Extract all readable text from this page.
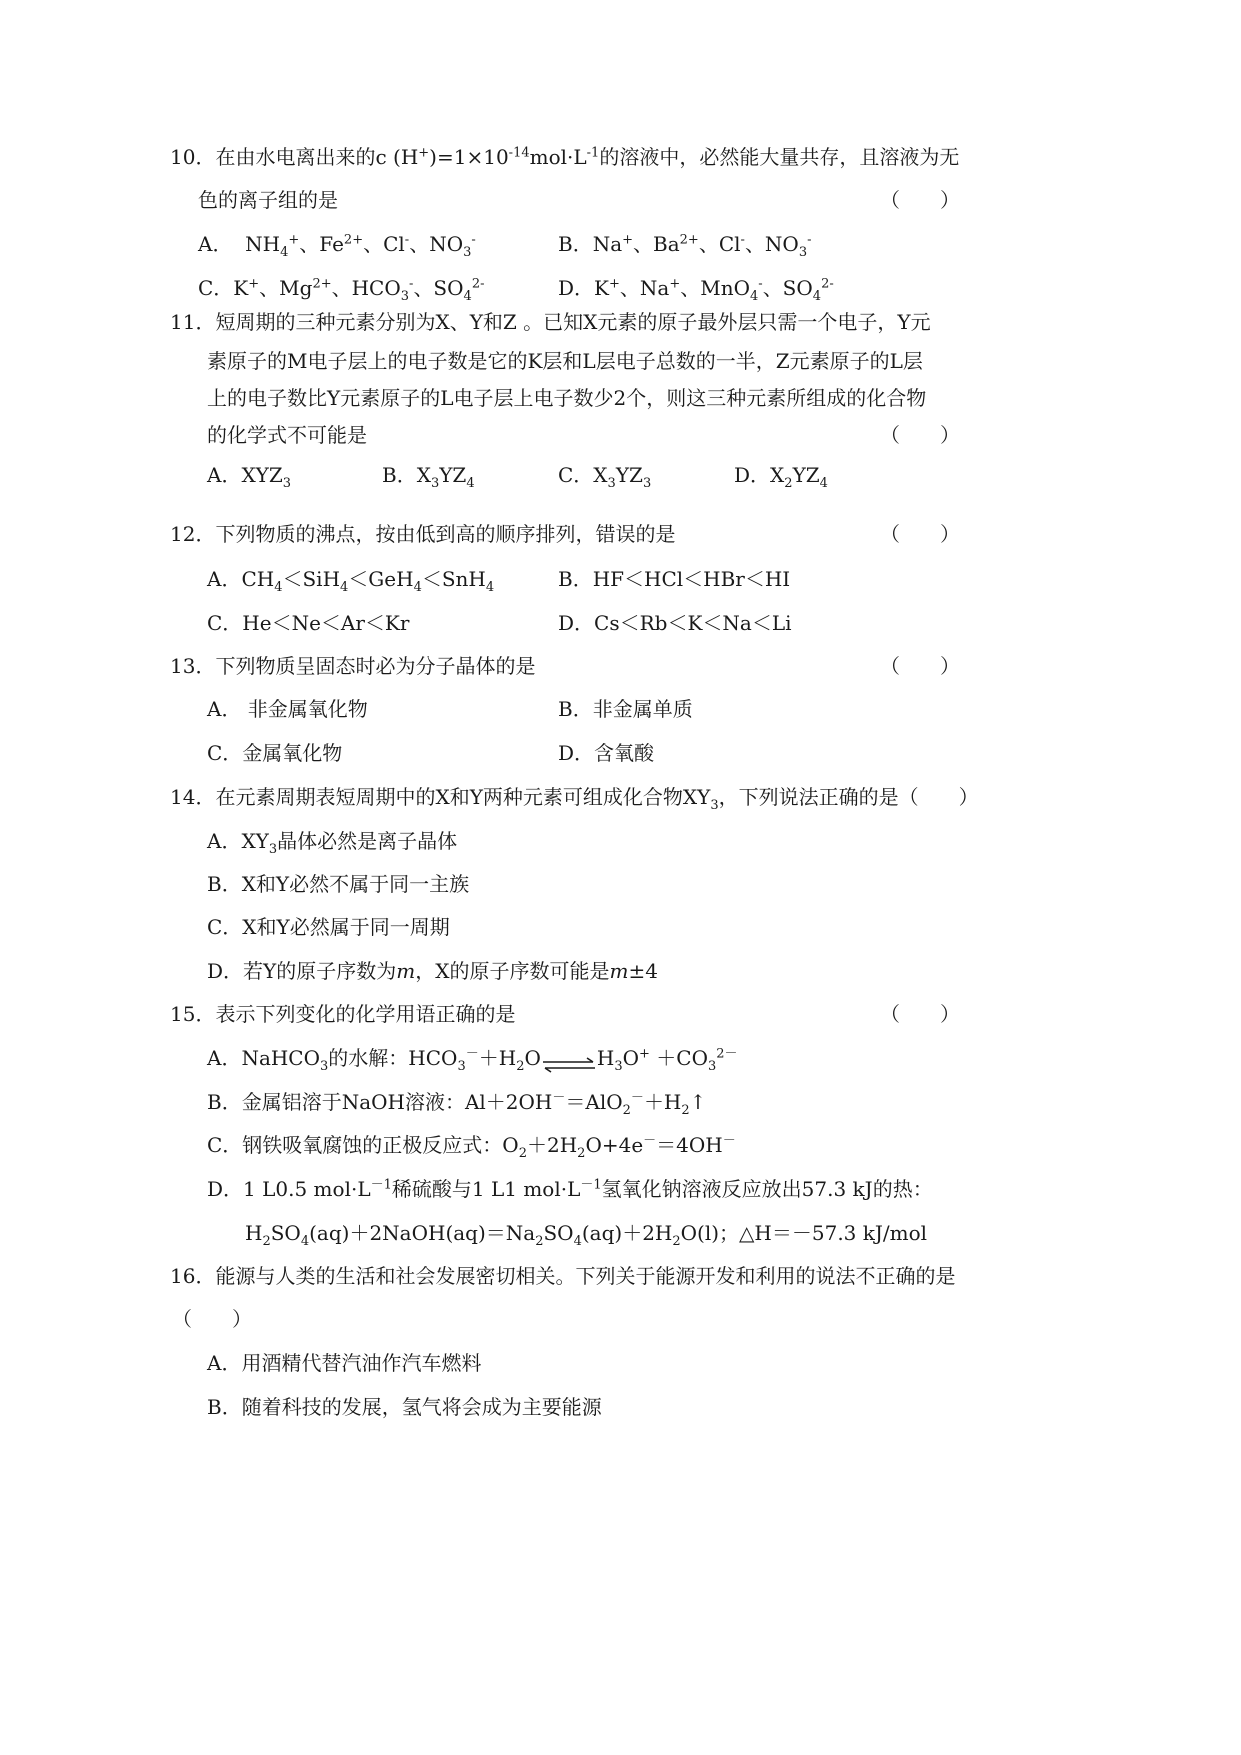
10．在由水电离出来的c $(H^+)=1\times 10^{-14}mol\cdot L^{-1}$的溶液中，必然能大量共存，且溶液为无
色的离子组的是	（　　）
A．  $NH_4^+$、$Fe^{2+}$、Cl-、$NO_3^-$	B．Na+、$Ba^{2+}$、Cl-、$NO_3^-$
C．K+、$Mg^{2+}$、$HCO_3^-$、$SO_4^{2-}$	D．K+、Na+、MnO$_4$-、$SO_4^{2-}$
11．短周期的三种元素分别为X、Y和Z 。已知X元素的原子最外层只需一个电子，Y元
素原子的M电子层上的电子数是它的K层和L层电子总数的一半，Z元素原子的L层
上的电子数比Y元素原子的L电子层上电子数少2个，则这三种元素所组成的化合物
的化学式不可能是	（　　）
A．$XYZ_3$	B．$X_3YZ_4$	C．$X_3YZ_3$	D．$X_2YZ_4$
12．下列物质的沸点，按由低到高的顺序排列，错误的是	（　　）
A．$CH_4<SiH_4<GeH_4<SnH_4$	B．HF＜HCl＜HBr＜HI
C．He＜Ne＜Ar＜Kr	D．Cs＜Rb＜K＜Na＜Li
13．下列物质呈固态时必为分子晶体的是	（　　）
A． 非金属氧化物	B．非金属单质
C．金属氧化物	D．含氧酸
14．在元素周期表短周期中的X和Y两种元素可组成化合物$XY_3$，下列说法正确的是（　　）
A．$XY_3$晶体必然是离子晶体
B．X和Y必然不属于同一主族
C．X和Y必然属于同一周期
D．若Y的原子序数为m，X的原子序数可能是m±4
15．表示下列变化的化学用语正确的是	（　　）
A．NaHCO$_3$的水解：$HCO_3^-+H_2O\rightleftharpoons H_3O^+ +CO_3^{2-}$
B．金属铝溶于NaOH溶液：$Al+2OH^-=AlO_2^-+H_2↑$
C．钢铁吸氧腐蚀的正极反应式：$O_2+2H_2O+4e^-=4OH^-$
D．1 L0.5 $mol\cdot L^{-1}$稀硫酸与1 L1 $mol\cdot L^{-1}$氢氧化钠溶液反应放出57.3 kJ的热：
$H_2SO_4(aq)+2NaOH(aq)=Na_2SO_4(aq)+2H_2O(l)$；△H＝－57.3 kJ/mol
16．能源与人类的生活和社会发展密切相关。下列关于能源开发和利用的说法不正确的是
（　　）
A．用酒精代替汽油作汽车燃料
B．随着科技的发展，氢气将会成为主要能源
